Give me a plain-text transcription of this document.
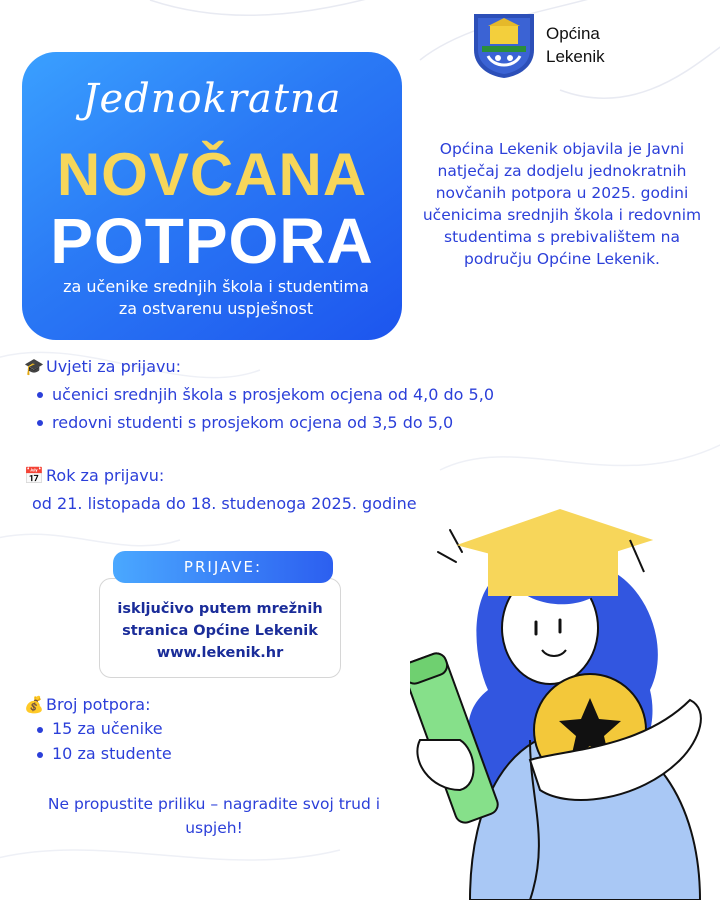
Općina
Lekenik
Jednokratna
NOVČANA
POTPORA
za učenike srednjih škola i studentima
za ostvarenu uspješnost
Općina Lekenik objavila je Javni natječaj za dodjelu jednokratnih novčanih potpora u 2025. godini učenicima srednjih škola i redovnim studentima s prebivalištem na području Općine Lekenik.
🎓 Uvjeti za prijavu:
učenici srednjih škola s prosjekom ocjena od 4,0 do 5,0
redovni studenti s prosjekom ocjena od 3,5 do 5,0
📅 Rok za prijavu:
od 21. listopada do 18. studenoga 2025. godine
PRIJAVE:
isključivo putem mrežnih
stranica Općine Lekenik
www.lekenik.hr
💰 Broj potpora:
15 za učenike
10 za studente
Ne propustite priliku – nagradite svoj trud i uspjeh!
